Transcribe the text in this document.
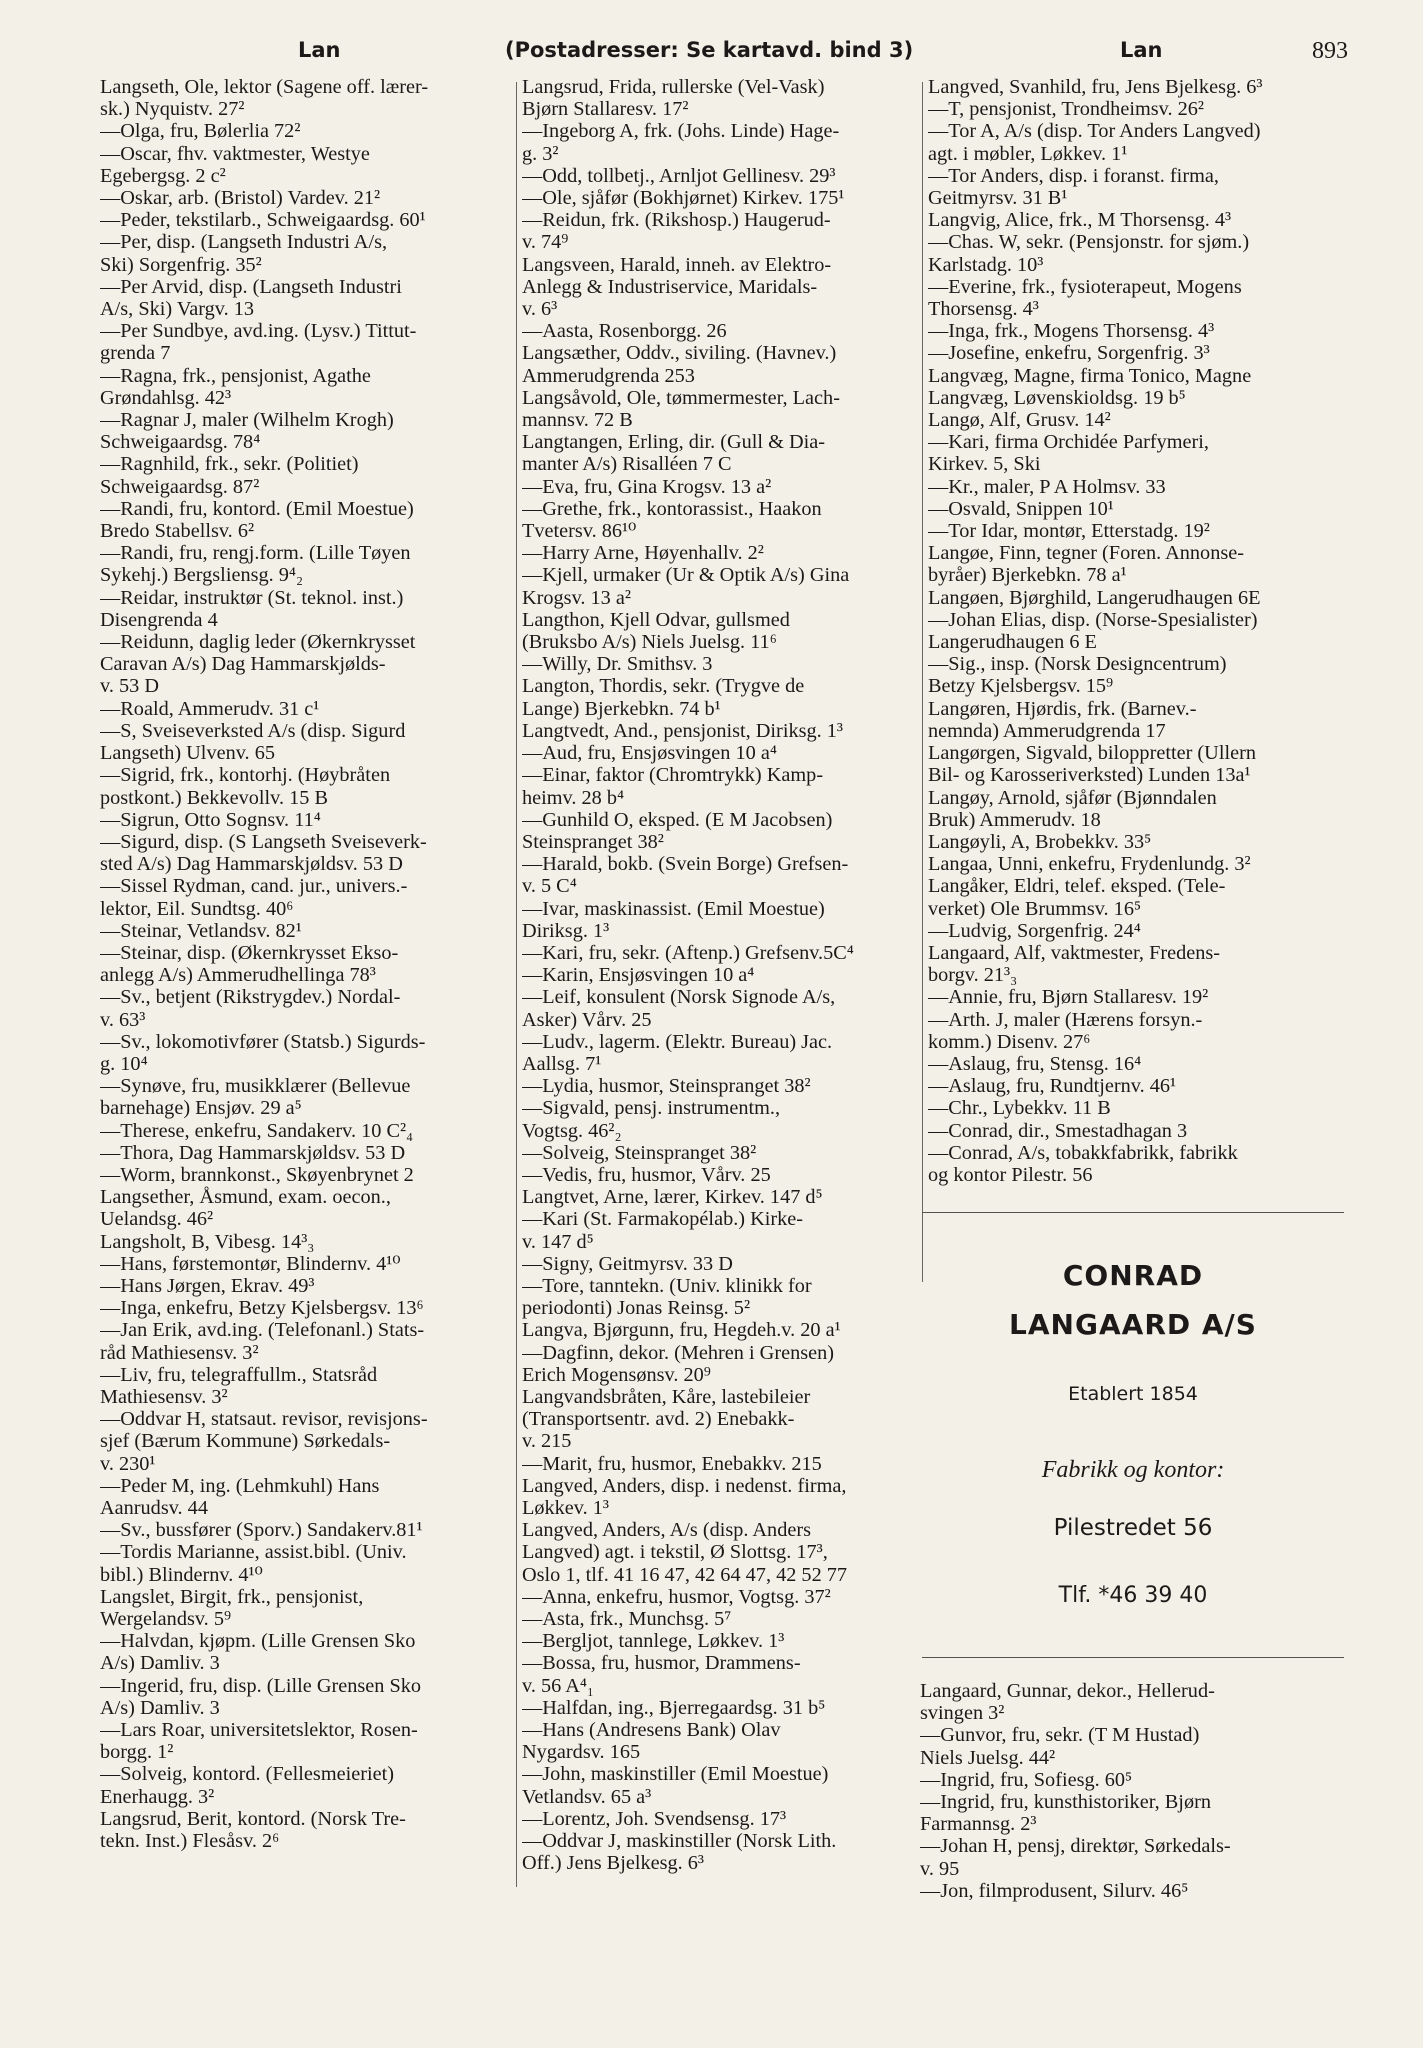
Lan	(Postadresser: Se kartavd. bind 3)	Lan	893
Langseth, Ole, lektor (Sagene off. lærer-
sk.) Nyquistv. 27²
—Olga, fru, Bølerlia 72²
—Oscar, fhv. vaktmester, Westye
Egebergsg. 2 c²
—Oskar, arb. (Bristol) Vardev. 21²
—Peder, tekstilarb., Schweigaardsg. 60¹
—Per, disp. (Langseth Industri A/s,
Ski) Sorgenfrig. 35²
—Per Arvid, disp. (Langseth Industri
A/s, Ski) Vargv. 13
—Per Sundbye, avd.ing. (Lysv.) Tittut-
grenda 7
—Ragna, frk., pensjonist, Agathe
Grøndahlsg. 42³
—Ragnar J, maler (Wilhelm Krogh)
Schweigaardsg. 78⁴
—Ragnhild, frk., sekr. (Politiet)
Schweigaardsg. 87²
—Randi, fru, kontord. (Emil Moestue)
Bredo Stabellsv. 6²
—Randi, fru, rengj.form. (Lille Tøyen
Sykehj.) Bergsliensg. 9⁴₂
—Reidar, instruktør (St. teknol. inst.)
Disengrenda 4
—Reidunn, daglig leder (Økernkrysset
Caravan A/s) Dag Hammarskjølds-
v. 53 D
—Roald, Ammerudv. 31 c¹
—S, Sveiseverksted A/s (disp. Sigurd
Langseth) Ulvenv. 65
—Sigrid, frk., kontorhj. (Høybråten
postkont.) Bekkevollv. 15 B
—Sigrun, Otto Sognsv. 11⁴
—Sigurd, disp. (S Langseth Sveiseverk-
sted A/s) Dag Hammarskjøldsv. 53 D
—Sissel Rydman, cand. jur., univers.-
lektor, Eil. Sundtsg. 40⁶
—Steinar, Vetlandsv. 82¹
—Steinar, disp. (Økernkrysset Ekso-
anlegg A/s) Ammerudhellinga 78³
—Sv., betjent (Rikstrygdev.) Nordal-
v. 63³
—Sv., lokomotivfører (Statsb.) Sigurds-
g. 10⁴
—Synøve, fru, musikklærer (Bellevue
barnehage) Ensjøv. 29 a⁵
—Therese, enkefru, Sandakerv. 10 C²₄
—Thora, Dag Hammarskjøldsv. 53 D
—Worm, brannkonst., Skøyenbrynet 2
Langsether, Åsmund, exam. oecon.,
Uelandsg. 46²
Langsholt, B, Vibesg. 14³₃
—Hans, førstemontør, Blindernv. 4¹⁰
—Hans Jørgen, Ekrav. 49³
—Inga, enkefru, Betzy Kjelsbergsv. 13⁶
—Jan Erik, avd.ing. (Telefonanl.) Stats-
råd Mathiesensv. 3²
—Liv, fru, telegraffullm., Statsråd
Mathiesensv. 3²
—Oddvar H, statsaut. revisor, revisjons-
sjef (Bærum Kommune) Sørkedals-
v. 230¹
—Peder M, ing. (Lehmkuhl) Hans
Aanrudsv. 44
—Sv., bussfører (Sporv.) Sandakerv.81¹
—Tordis Marianne, assist.bibl. (Univ.
bibl.) Blindernv. 4¹⁰
Langslet, Birgit, frk., pensjonist,
Wergelandsv. 5⁹
—Halvdan, kjøpm. (Lille Grensen Sko
A/s) Damliv. 3
—Ingerid, fru, disp. (Lille Grensen Sko
A/s) Damliv. 3
—Lars Roar, universitetslektor, Rosen-
borgg. 1²
—Solveig, kontord. (Fellesmeieriet)
Enerhaugg. 3²
Langsrud, Berit, kontord. (Norsk Tre-
tekn. Inst.) Flesåsv. 2⁶
Langsrud, Frida, rullerske (Vel-Vask)
Bjørn Stallaresv. 17²
—Ingeborg A, frk. (Johs. Linde) Hage-
g. 3²
—Odd, tollbetj., Arnljot Gellinesv. 29³
—Ole, sjåfør (Bokhjørnet) Kirkev. 175¹
—Reidun, frk. (Rikshosp.) Haugerud-
v. 74⁹
Langsveen, Harald, inneh. av Elektro-
Anlegg & Industriservice, Maridals-
v. 6³
—Aasta, Rosenborgg. 26
Langsæther, Oddv., siviling. (Havnev.)
Ammerudgrenda 253
Langsåvold, Ole, tømmermester, Lach-
mannsv. 72 B
Langtangen, Erling, dir. (Gull & Dia-
manter A/s) Risalléen 7 C
—Eva, fru, Gina Krogsv. 13 a²
—Grethe, frk., kontorassist., Haakon
Tvetersv. 86¹⁰
—Harry Arne, Høyenhallv. 2²
—Kjell, urmaker (Ur & Optik A/s) Gina
Krogsv. 13 a²
Langthon, Kjell Odvar, gullsmed
(Bruksbo A/s) Niels Juelsg. 11⁶
—Willy, Dr. Smithsv. 3
Langton, Thordis, sekr. (Trygve de
Lange) Bjerkebkn. 74 b¹
Langtvedt, And., pensjonist, Diriksg. 1³
—Aud, fru, Ensjøsvingen 10 a⁴
—Einar, faktor (Chromtrykk) Kamp-
heimv. 28 b⁴
—Gunhild O, eksped. (E M Jacobsen)
Steinspranget 38²
—Harald, bokb. (Svein Borge) Grefsen-
v. 5 C⁴
—Ivar, maskinassist. (Emil Moestue)
Diriksg. 1³
—Kari, fru, sekr. (Aftenp.) Grefsenv.5C⁴
—Karin, Ensjøsvingen 10 a⁴
—Leif, konsulent (Norsk Signode A/s,
Asker) Vårv. 25
—Ludv., lagerm. (Elektr. Bureau) Jac.
Aallsg. 7¹
—Lydia, husmor, Steinspranget 38²
—Sigvald, pensj. instrumentm.,
Vogtsg. 46²₂
—Solveig, Steinspranget 38²
—Vedis, fru, husmor, Vårv. 25
Langtvet, Arne, lærer, Kirkev. 147 d⁵
—Kari (St. Farmakopélab.) Kirke-
v. 147 d⁵
—Signy, Geitmyrsv. 33 D
—Tore, tanntekn. (Univ. klinikk for
periodonti) Jonas Reinsg. 5²
Langva, Bjørgunn, fru, Hegdeh.v. 20 a¹
—Dagfinn, dekor. (Mehren i Grensen)
Erich Mogensønsv. 20⁹
Langvandsbråten, Kåre, lastebileier
(Transportsentr. avd. 2) Enebakk-
v. 215
—Marit, fru, husmor, Enebakkv. 215
Langved, Anders, disp. i nedenst. firma,
Løkkev. 1³
Langved, Anders, A/s (disp. Anders
Langved) agt. i tekstil, Ø Slottsg. 17³,
Oslo 1, tlf. 41 16 47, 42 64 47, 42 52 77
—Anna, enkefru, husmor, Vogtsg. 37²
—Asta, frk., Munchsg. 5⁷
—Bergljot, tannlege, Løkkev. 1³
—Bossa, fru, husmor, Drammens-
v. 56 A⁴₁
—Halfdan, ing., Bjerregaardsg. 31 b⁵
—Hans (Andresens Bank) Olav
Nygardsv. 165
—John, maskinstiller (Emil Moestue)
Vetlandsv. 65 a³
—Lorentz, Joh. Svendsensg. 17³
—Oddvar J, maskinstiller (Norsk Lith.
Off.) Jens Bjelkesg. 6³
Langved, Svanhild, fru, Jens Bjelkesg. 6³
—T, pensjonist, Trondheimsv. 26²
—Tor A, A/s (disp. Tor Anders Langved)
agt. i møbler, Løkkev. 1¹
—Tor Anders, disp. i foranst. firma,
Geitmyrsv. 31 B¹
Langvig, Alice, frk., M Thorsensg. 4³
—Chas. W, sekr. (Pensjonstr. for sjøm.)
Karlstadg. 10³
—Everine, frk., fysioterapeut, Mogens
Thorsensg. 4³
—Inga, frk., Mogens Thorsensg. 4³
—Josefine, enkefru, Sorgenfrig. 3³
Langvæg, Magne, firma Tonico, Magne
Langvæg, Løvenskioldsg. 19 b⁵
Langø, Alf, Grusv. 14²
—Kari, firma Orchidée Parfymeri,
Kirkev. 5, Ski
—Kr., maler, P A Holmsv. 33
—Osvald, Snippen 10¹
—Tor Idar, montør, Etterstadg. 19²
Langøe, Finn, tegner (Foren. Annonse-
byråer) Bjerkebkn. 78 a¹
Langøen, Bjørghild, Langerudhaugen 6E
—Johan Elias, disp. (Norse-Spesialister)
Langerudhaugen 6 E
—Sig., insp. (Norsk Designcentrum)
Betzy Kjelsbergsv. 15⁹
Langøren, Hjørdis, frk. (Barnev.-
nemnda) Ammerudgrenda 17
Langørgen, Sigvald, bilopprettеr (Ullern
Bil- og Karosseriverksted) Lunden 13a¹
Langøy, Arnold, sjåfør (Bjønndalen
Bruk) Ammerudv. 18
Langøyli, A, Brobekkv. 33⁵
Langaa, Unni, enkefru, Frydenlundg. 3²
Langåker, Eldri, telef. eksped. (Tele-
verket) Ole Brummsv. 16⁵
—Ludvig, Sorgenfrig. 24⁴
Langaard, Alf, vaktmester, Fredens-
borgv. 21³₃
—Annie, fru, Bjørn Stallaresv. 19²
—Arth. J, maler (Hærens forsyn.-
komm.) Disenv. 27⁶
—Aslaug, fru, Stensg. 16⁴
—Aslaug, fru, Rundtjernv. 46¹
—Chr., Lybekkv. 11 B
—Conrad, dir., Smestadhagan 3
—Conrad, A/s, tobakkfabrikk, fabrikk
og kontor Pilestr. 56
CONRAD
LANGAARD A/S
Etablert 1854
Fabrikk og kontor:
Pilestredet 56
Tlf. *46 39 40
Langaard, Gunnar, dekor., Hellerud-
svingen 3²
—Gunvor, fru, sekr. (T M Hustad)
Niels Juelsg. 44²
—Ingrid, fru, Sofiesg. 60⁵
—Ingrid, fru, kunsthistoriker, Bjørn
Farmannsg. 2³
—Johan H, pensj, direktør, Sørkedals-
v. 95
—Jon, filmprodusent, Silurv. 46⁵
